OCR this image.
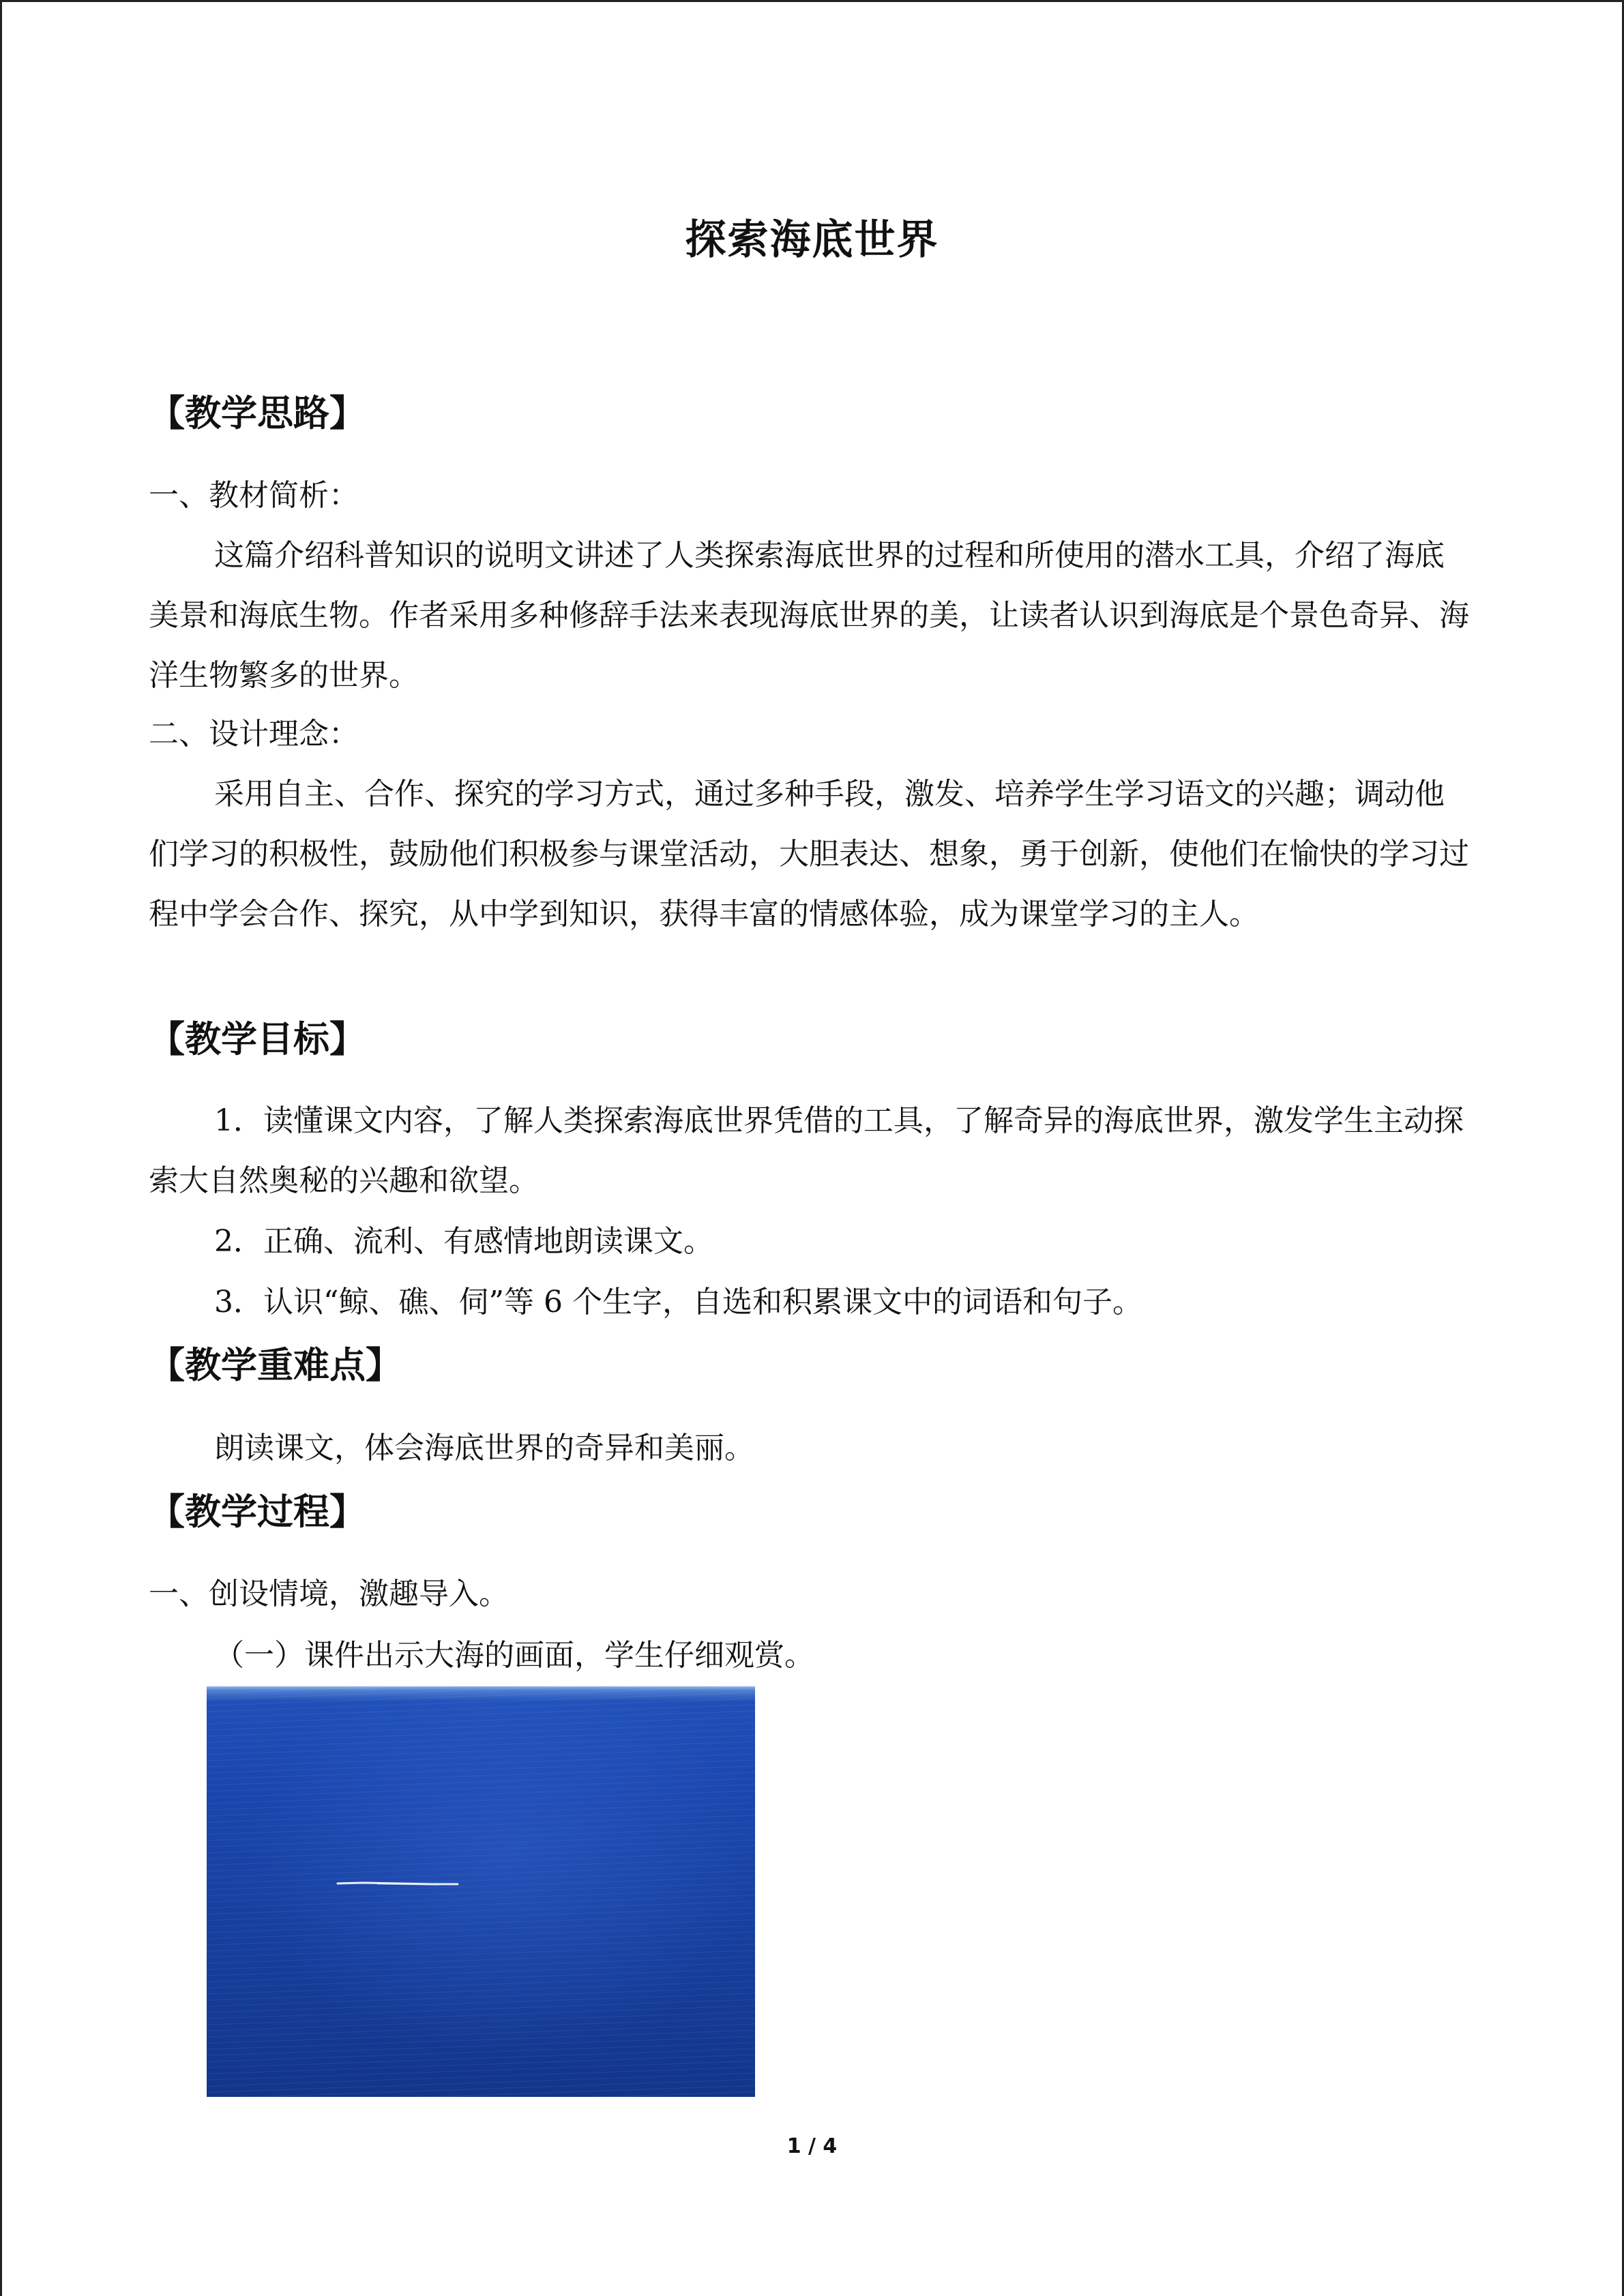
探索海底世界
【教学思路】
一、教材简析：

这篇介绍科普知识的说明文讲述了人类探索海底世界的过程和所使用的潜水工具，介绍了海底美景和海底生物。作者采用多种修辞手法来表现海底世界的美，让读者认识到海底是个景色奇异、海洋生物繁多的世界。

二、设计理念：

采用自主、合作、探究的学习方式，通过多种手段，激发、培养学生学习语文的兴趣；调动他们学习的积极性，鼓励他们积极参与课堂活动，大胆表达、想象，勇于创新，使他们在愉快的学习过程中学会合作、探究，从中学到知识，获得丰富的情感体验，成为课堂学习的主人。

【教学目标】

1．读懂课文内容，了解人类探索海底世界凭借的工具，了解奇异的海底世界，激发学生主动探索大自然奥秘的兴趣和欲望。

2．正确、流利、有感情地朗读课文。
3．认识“鲸、礁、伺”等 6 个生字，自选和积累课文中的词语和句子。
【教学重难点】
朗读课文，体会海底世界的奇异和美丽。
【教学过程】
一、创设情境，激趣导入。
（一）课件出示大海的画面，学生仔细观赏。
1 / 4
